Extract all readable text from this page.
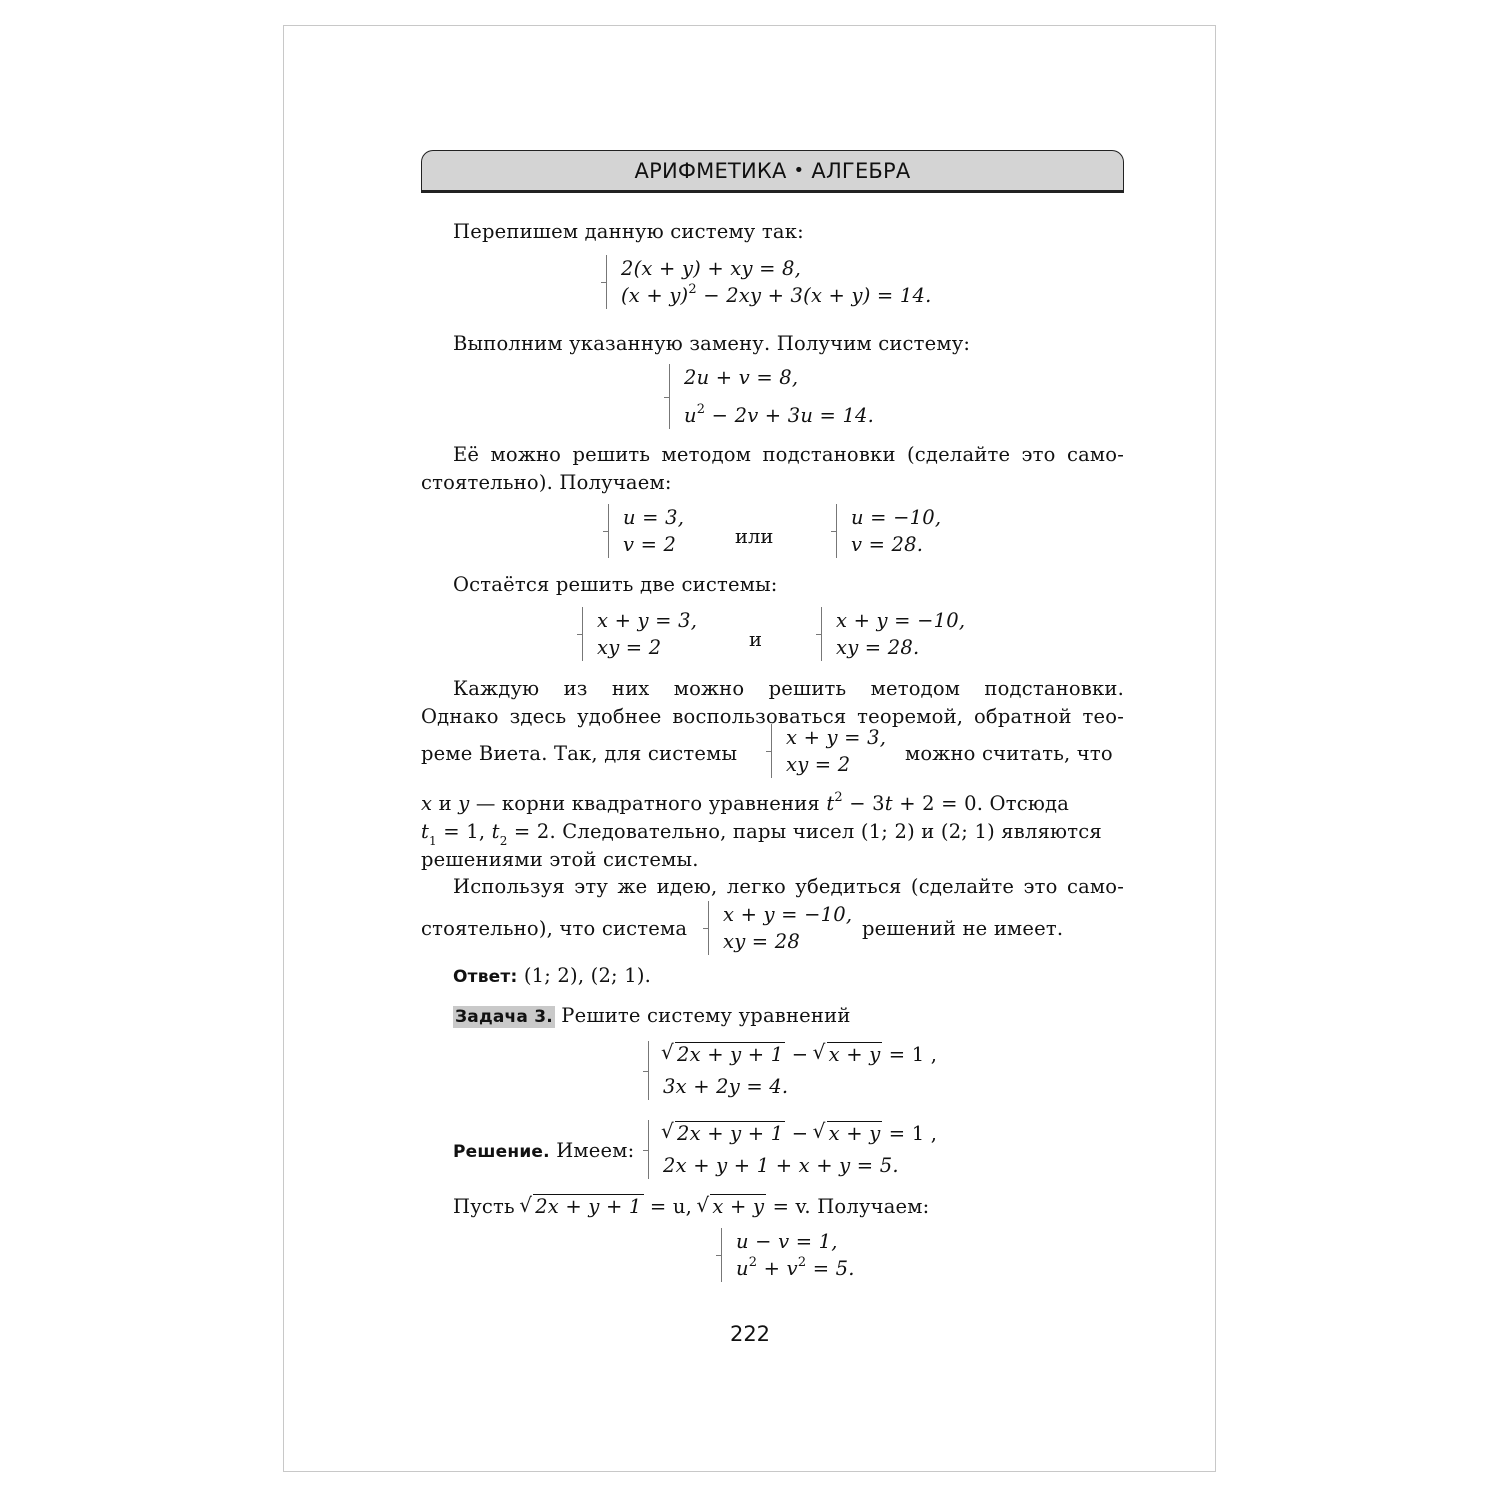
АРИФМЕТИКА • АЛГЕБРА
Перепишем данную систему так:
2(x + y) + xy = 8,
$(x + y)^2 - 2xy + 3(x + y) = 14$.
Выполним указанную замену. Получим систему:
2u + v = 8,
$u^2 - 2v + 3u = 14$.
Её можно решить методом подстановки (сделайте это само-
стоятельно). Получаем:
u = 3,
v = 2	или
u = −10,
v = 28.
Остаётся решить две системы:
x + y = 3,
xy = 2	и
x + y = −10,
xy = 28.
Каждую из них можно решить методом подстановки.
Однако здесь удобнее воспользоваться теоремой, обратной тео-
реме Виета. Так, для системы
x + y = 3,
xy = 2	можно считать, что
x и y — корни квадратного уравнения $t^2 - 3t + 2 = 0$. Отсюда
$t_1 = 1$, $t_2 = 2$. Следовательно, пары чисел (1; 2) и (2; 1) являются
решениями этой системы.
Используя эту же идею, легко убедиться (сделайте это само-
стоятельно), что система
x + y = −10,
xy = 28
решений не имеет.
Ответ: (1; 2), (2; 1).
Задача 3. Решите систему уравнений
√ 2x + y + 1 − √ x + y = 1 ,
3x + 2y = 4.
Решение. Имеем:
√ 2x + y + 1 − √ x + y = 1 ,
2x + y + 1 + x + y = 5.
Пусть √ 2x + y + 1 = u, √ x + y = v. Получаем:
u − v = 1,
$u^2 + v^2 = 5$.
222
